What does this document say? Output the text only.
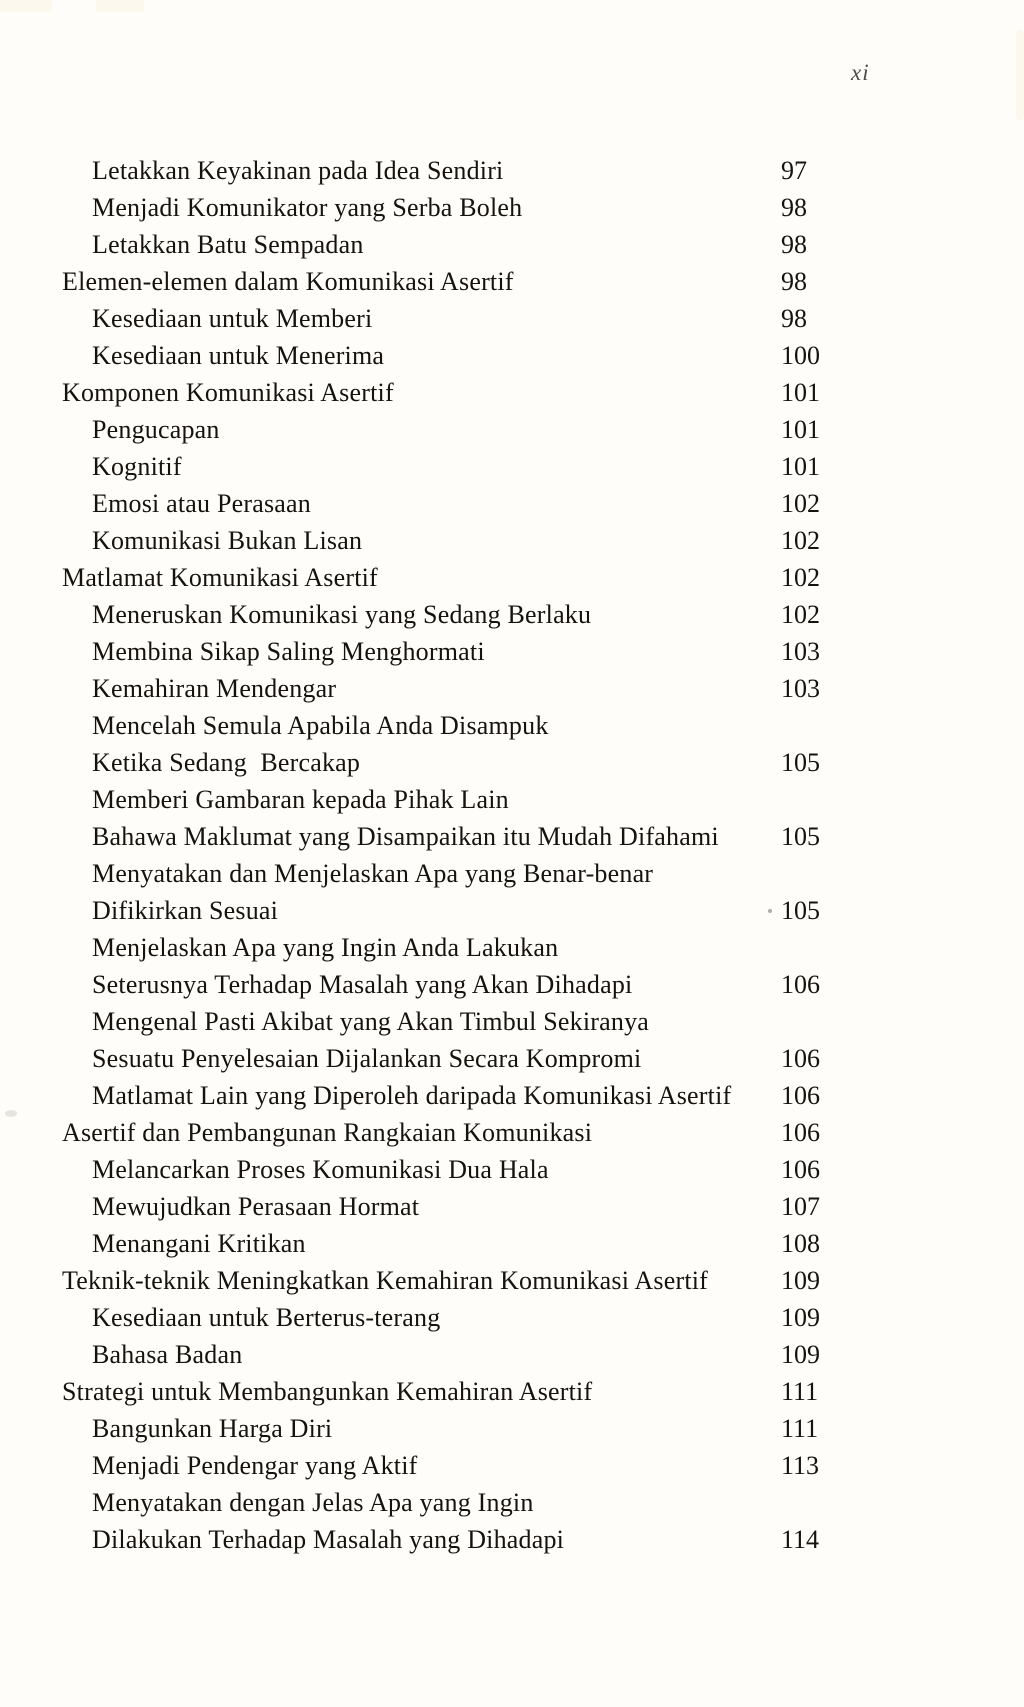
xi
Letakkan Keyakinan pada Idea Sendiri	97
Menjadi Komunikator yang Serba Boleh	98
Letakkan Batu Sempadan	98
Elemen-elemen dalam Komunikasi Asertif	98
Kesediaan untuk Memberi	98
Kesediaan untuk Menerima	100
Komponen Komunikasi Asertif	101
Pengucapan	101
Kognitif	101
Emosi atau Perasaan	102
Komunikasi Bukan Lisan	102
Matlamat Komunikasi Asertif	102
Meneruskan Komunikasi yang Sedang Berlaku	102
Membina Sikap Saling Menghormati	103
Kemahiran Mendengar	103
Mencelah Semula Apabila Anda Disampuk
Ketika Sedang  Bercakap	105
Memberi Gambaran kepada Pihak Lain
Bahawa Maklumat yang Disampaikan itu Mudah Difahami 105
Menyatakan dan Menjelaskan Apa yang Benar-benar
Difikirkan Sesuai	105
Menjelaskan Apa yang Ingin Anda Lakukan
Seterusnya Terhadap Masalah yang Akan Dihadapi	106
Mengenal Pasti Akibat yang Akan Timbul Sekiranya
Sesuatu Penyelesaian Dijalankan Secara Kompromi	106
Matlamat Lain yang Diperoleh daripada Komunikasi Asertif 106
Asertif dan Pembangunan Rangkaian Komunikasi	106
Melancarkan Proses Komunikasi Dua Hala	106
Mewujudkan Perasaan Hormat	107
Menangani Kritikan	108
Teknik-teknik Meningkatkan Kemahiran Komunikasi Asertif	109
Kesediaan untuk Berterus-terang	109
Bahasa Badan	109
Strategi untuk Membangunkan Kemahiran Asertif	111
Bangunkan Harga Diri	111
Menjadi Pendengar yang Aktif	113
Menyatakan dengan Jelas Apa yang Ingin
Dilakukan Terhadap Masalah yang Dihadapi	114
